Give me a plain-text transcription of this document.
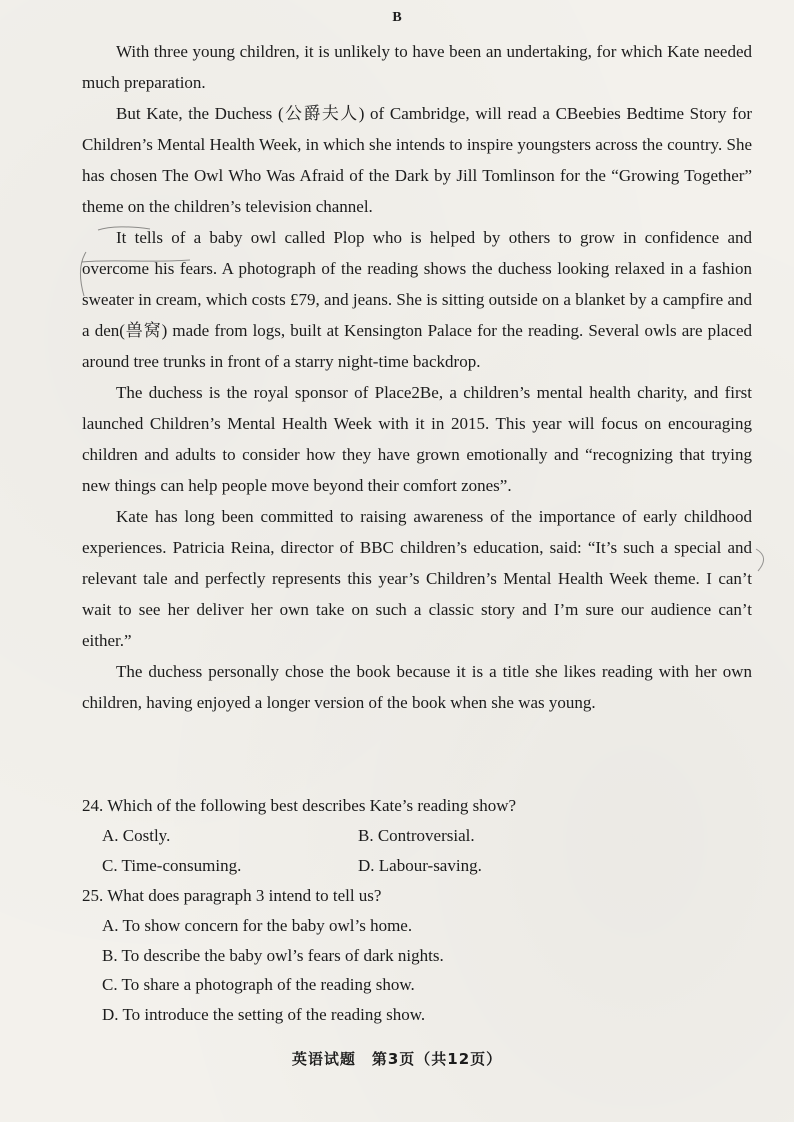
B

With three young children, it is unlikely to have been an undertaking, for which Kate needed much preparation.

But Kate, the Duchess (公爵夫人) of Cambridge, will read a CBeebies Bedtime Story for Children’s Mental Health Week, in which she intends to inspire youngsters across the country. She has chosen The Owl Who Was Afraid of the Dark by Jill Tomlinson for the “Growing Together” theme on the children’s television channel.

It tells of a baby owl called Plop who is helped by others to grow in confidence and overcome his fears. A photograph of the reading shows the duchess looking relaxed in a fashion sweater in cream, which costs £79, and jeans. She is sitting outside on a blanket by a campfire and a den(兽窝) made from logs, built at Kensington Palace for the reading. Several owls are placed around tree trunks in front of a starry night-time backdrop.

The duchess is the royal sponsor of Place2Be, a children’s mental health charity, and first launched Children’s Mental Health Week with it in 2015. This year will focus on encouraging children and adults to consider how they have grown emotionally and “recognizing that trying new things can help people move beyond their comfort zones”.

Kate has long been committed to raising awareness of the importance of early childhood experiences. Patricia Reina, director of BBC children’s education, said: “It’s such a special and relevant tale and perfectly represents this year’s Children’s Mental Health Week theme. I can’t wait to see her deliver her own take on such a classic story and I’m sure our audience can’t either.”

The duchess personally chose the book because it is a title she likes reading with her own children, having enjoyed a longer version of the book when she was young.

24. Which of the following best describes Kate’s reading show?
A. Costly.	B. Controversial.
C. Time-consuming.	D. Labour-saving.
25. What does paragraph 3 intend to tell us?
A. To show concern for the baby owl’s home.
B. To describe the baby owl’s fears of dark nights.
C. To share a photograph of the reading show.
D. To introduce the setting of the reading show.
英语试题　第3页（共12页）
